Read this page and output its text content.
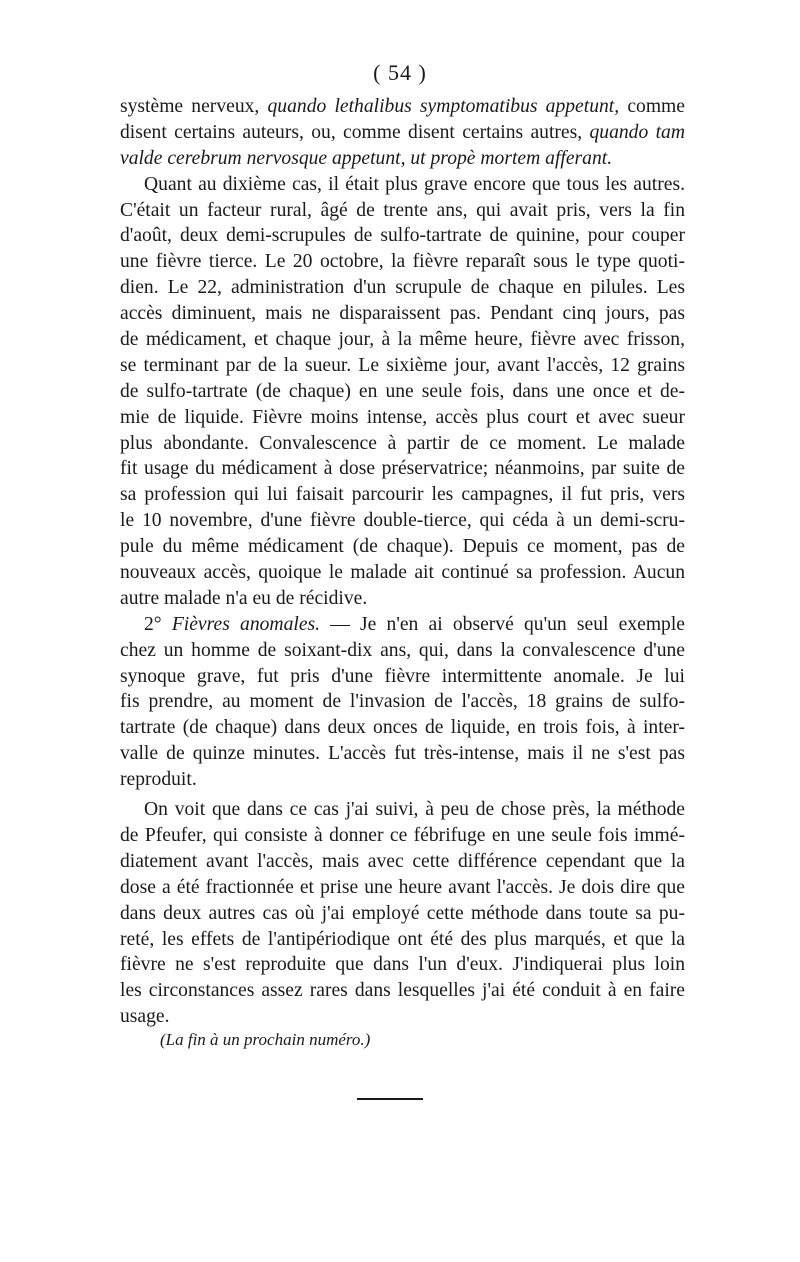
( 54 )
système nerveux, quando lethalibus symptomatibus appetunt, comme
disent certains auteurs, ou, comme disent certains autres, quando tam
valde cerebrum nervosque appetunt, ut propè mortem afferant.
Quant au dixième cas, il était plus grave encore que tous les autres.
C'était un facteur rural, âgé de trente ans, qui avait pris, vers la fin
d'août, deux demi-scrupules de sulfo-tartrate de quinine, pour couper
une fièvre tierce. Le 20 octobre, la fièvre reparaît sous le type quoti-
dien. Le 22, administration d'un scrupule de chaque en pilules. Les
accès diminuent, mais ne disparaissent pas. Pendant cinq jours, pas
de médicament, et chaque jour, à la même heure, fièvre avec frisson,
se terminant par de la sueur. Le sixième jour, avant l'accès, 12 grains
de sulfo-tartrate (de chaque) en une seule fois, dans une once et de-
mie de liquide. Fièvre moins intense, accès plus court et avec sueur
plus abondante. Convalescence à partir de ce moment. Le malade
fit usage du médicament à dose préservatrice; néanmoins, par suite de
sa profession qui lui faisait parcourir les campagnes, il fut pris, vers
le 10 novembre, d'une fièvre double-tierce, qui céda à un demi-scru-
pule du même médicament (de chaque). Depuis ce moment, pas de
nouveaux accès, quoique le malade ait continué sa profession. Aucun
autre malade n'a eu de récidive.
2° Fièvres anomales. — Je n'en ai observé qu'un seul exemple
chez un homme de soixant-dix ans, qui, dans la convalescence d'une
synoque grave, fut pris d'une fièvre intermittente anomale. Je lui
fis prendre, au moment de l'invasion de l'accès, 18 grains de sulfo-
tartrate (de chaque) dans deux onces de liquide, en trois fois, à inter-
valle de quinze minutes. L'accès fut très-intense, mais il ne s'est pas
reproduit.
On voit que dans ce cas j'ai suivi, à peu de chose près, la méthode
de Pfeufer, qui consiste à donner ce fébrifuge en une seule fois immé-
diatement avant l'accès, mais avec cette différence cependant que la
dose a été fractionnée et prise une heure avant l'accès. Je dois dire que
dans deux autres cas où j'ai employé cette méthode dans toute sa pu-
reté, les effets de l'antipériodique ont été des plus marqués, et que la
fièvre ne s'est reproduite que dans l'un d'eux. J'indiquerai plus loin
les circonstances assez rares dans lesquelles j'ai été conduit à en faire
usage.
(La fin à un prochain numéro.)
